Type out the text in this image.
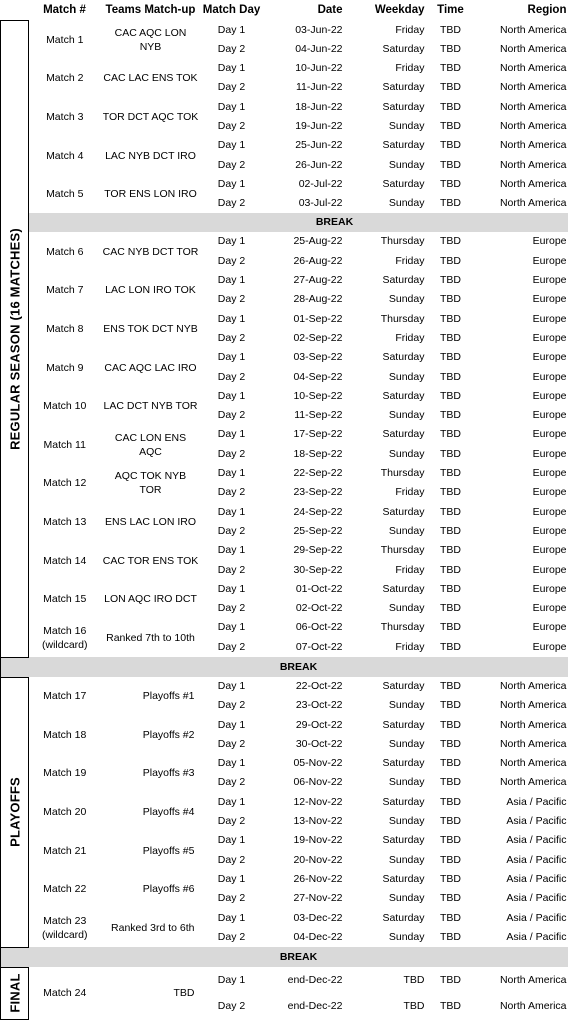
	Match #	Teams Match-up	Match Day	Date	Weekday	Time	Region

REGULAR SEASON (16 MATCHES)	Match 1	CAC AQC LON NYB	Day 1	03-Jun-22	Friday	TBD	North America
			Day 2	04-Jun-22	Saturday	TBD	North America
	Match 2	CAC LAC ENS TOK	Day 1	10-Jun-22	Friday	TBD	North America
			Day 2	11-Jun-22	Saturday	TBD	North America
	Match 3	TOR DCT AQC TOK	Day 1	18-Jun-22	Saturday	TBD	North America
			Day 2	19-Jun-22	Sunday	TBD	North America
	Match 4	LAC NYB DCT IRO	Day 1	25-Jun-22	Saturday	TBD	North America
			Day 2	26-Jun-22	Sunday	TBD	North America
	Match 5	TOR ENS LON IRO	Day 1	02-Jul-22	Saturday	TBD	North America
			Day 2	03-Jul-22	Sunday	TBD	North America
		BREAK					
	Match 6	CAC NYB DCT TOR	Day 1	25-Aug-22	Thursday	TBD	Europe
			Day 2	26-Aug-22	Friday	TBD	Europe
	Match 7	LAC LON IRO TOK	Day 1	27-Aug-22	Saturday	TBD	Europe
			Day 2	28-Aug-22	Sunday	TBD	Europe
	Match 8	ENS TOK DCT NYB	Day 1	01-Sep-22	Thursday	TBD	Europe
			Day 2	02-Sep-22	Friday	TBD	Europe
	Match 9	CAC AQC LAC IRO	Day 1	03-Sep-22	Saturday	TBD	Europe
			Day 2	04-Sep-22	Sunday	TBD	Europe
	Match 10	LAC DCT NYB TOR	Day 1	10-Sep-22	Saturday	TBD	Europe
			Day 2	11-Sep-22	Sunday	TBD	Europe
	Match 11	CAC LON ENS AQC	Day 1	17-Sep-22	Saturday	TBD	Europe
			Day 2	18-Sep-22	Sunday	TBD	Europe
	Match 12	AQC TOK NYB TOR	Day 1	22-Sep-22	Thursday	TBD	Europe
			Day 2	23-Sep-22	Friday	TBD	Europe
	Match 13	ENS LAC LON IRO	Day 1	24-Sep-22	Saturday	TBD	Europe
			Day 2	25-Sep-22	Sunday	TBD	Europe
	Match 14	CAC TOR ENS TOK	Day 1	29-Sep-22	Thursday	TBD	Europe
			Day 2	30-Sep-22	Friday	TBD	Europe
	Match 15	LON AQC IRO DCT	Day 1	01-Oct-22	Saturday	TBD	Europe
			Day 2	02-Oct-22	Sunday	TBD	Europe
	Match 16 (wildcard)	Ranked 7th to 10th	Day 1	06-Oct-22	Thursday	TBD	Europe
			Day 2	07-Oct-22	Friday	TBD	Europe
	BREAK						

PLAYOFFS	Match 17	Playoffs #1	Day 1	22-Oct-22	Saturday	TBD	North America
			Day 2	23-Oct-22	Sunday	TBD	North America
	Match 18	Playoffs #2	Day 1	29-Oct-22	Saturday	TBD	North America
			Day 2	30-Oct-22	Sunday	TBD	North America
	Match 19	Playoffs #3	Day 1	05-Nov-22	Saturday	TBD	North America
			Day 2	06-Nov-22	Sunday	TBD	North America
	Match 20	Playoffs #4	Day 1	12-Nov-22	Saturday	TBD	Asia / Pacific
			Day 2	13-Nov-22	Sunday	TBD	Asia / Pacific
	Match 21	Playoffs #5	Day 1	19-Nov-22	Saturday	TBD	Asia / Pacific
			Day 2	20-Nov-22	Sunday	TBD	Asia / Pacific
	Match 22	Playoffs #6	Day 1	26-Nov-22	Saturday	TBD	Asia / Pacific
			Day 2	27-Nov-22	Sunday	TBD	Asia / Pacific
	Match 23 (wildcard)	Ranked 3rd to 6th	Day 1	03-Dec-22	Saturday	TBD	Asia / Pacific
			Day 2	04-Dec-22	Sunday	TBD	Asia / Pacific
	BREAK						

FINAL	Match 24	TBD	Day 1	end-Dec-22	TBD	TBD	North America
			Day 2	end-Dec-22	TBD	TBD	North America
